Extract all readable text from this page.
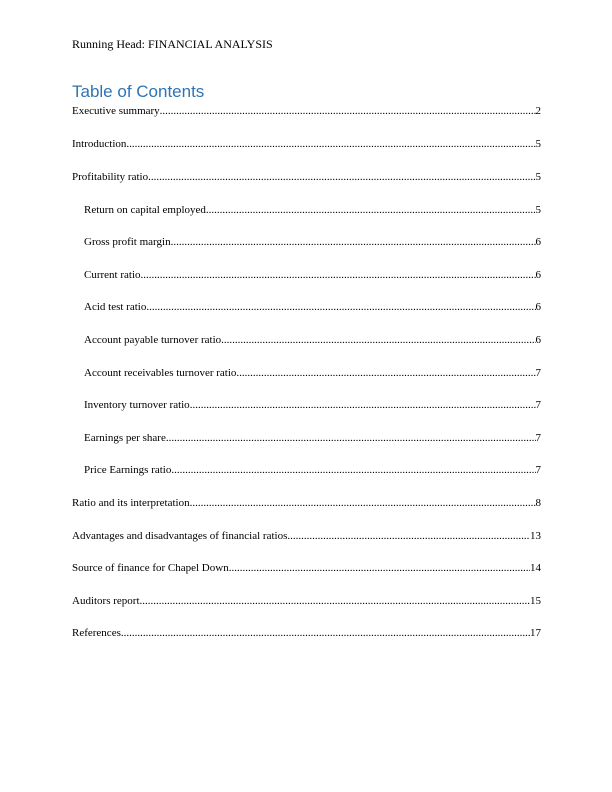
Running Head: FINANCIAL ANALYSIS
Table of Contents
Executive summary .....	2
Introduction .....	5
Profitability ratio .....	5
Return on capital employed .....	5
Gross profit margin .....	6
Current ratio .....	6
Acid test ratio .....	6
Account payable turnover ratio .....	6
Account receivables turnover ratio .....	7
Inventory turnover ratio .....	7
Earnings per share .....	7
Price Earnings ratio .....	7
Ratio and its interpretation .....	8
Advantages and disadvantages of financial ratios .....	13
Source of finance for Chapel Down .....	14
Auditors report .....	15
References .....	17
